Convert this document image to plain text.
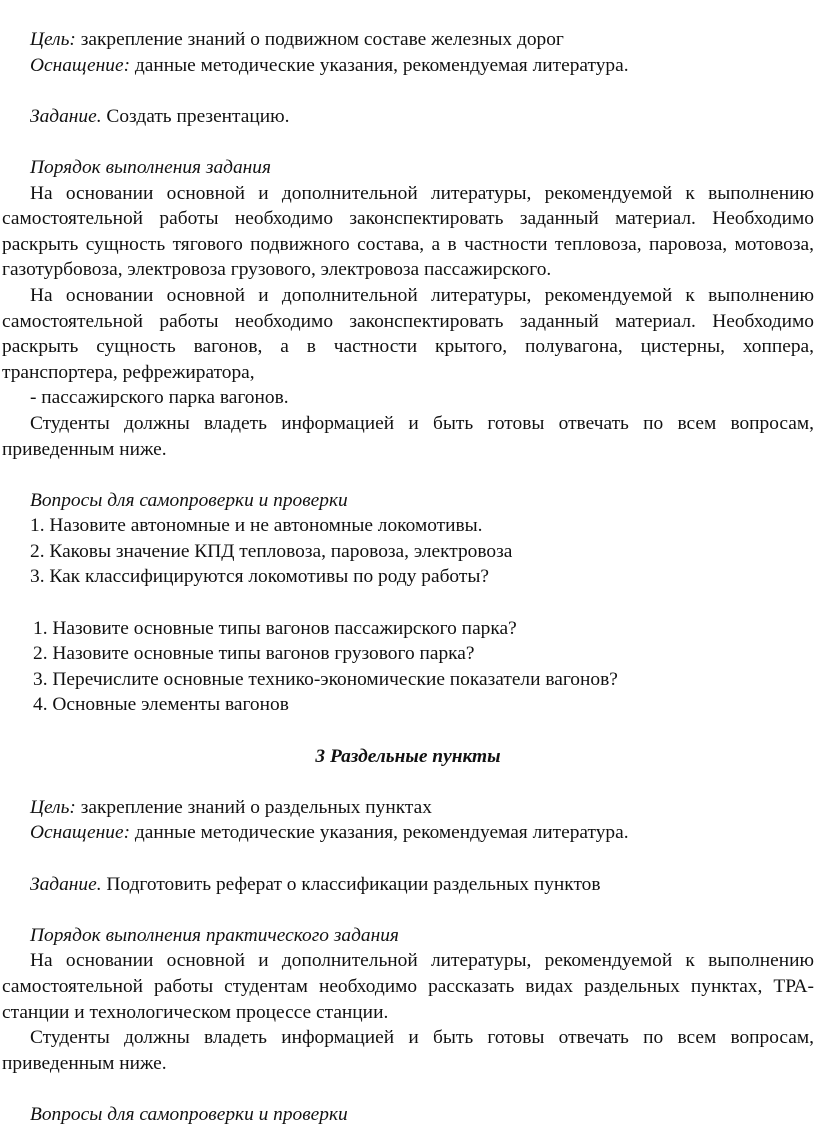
Цель: закрепление знаний о подвижном составе железных дорог

Оснащение: данные методические указания, рекомендуемая литература.

Задание. Создать презентацию.

Порядок выполнения задания

На основании основной и дополнительной литературы, рекомендуемой к выполнению самостоятельной работы необходимо законспектировать заданный материал. Необходимо раскрыть сущность тягового подвижного состава, а в частности тепловоза, паровоза, мотовоза, газотурбовоза, электровоза грузового, электровоза пассажирского.

На основании основной и дополнительной литературы, рекомендуемой к выполнению самостоятельной работы необходимо законспектировать заданный материал. Необходимо раскрыть сущность вагонов, а в частности крытого, полувагона, цистерны, хоппера, транспортера, рефрежиратора,

- пассажирского парка вагонов.

Студенты должны владеть информацией и быть готовы отвечать по всем вопросам, приведенным ниже.

Вопросы для самопроверки и проверки

1. Назовите автономные и не автономные локомотивы.

2. Каковы значение КПД тепловоза, паровоза, электровоза

3. Как классифицируются локомотивы по роду работы?

1. Назовите основные типы вагонов пассажирского парка?

2. Назовите основные типы вагонов грузового парка?

3. Перечислите основные технико-экономические показатели вагонов?

4. Основные элементы вагонов

3 Раздельные пункты

Цель: закрепление знаний о раздельных пунктах

Оснащение: данные методические указания, рекомендуемая литература.

Задание. Подготовить реферат о классификации раздельных пунктов

Порядок выполнения практического задания

На основании основной и дополнительной литературы, рекомендуемой к выполнению самостоятельной работы студентам необходимо рассказать видах раздельных пунктах, ТРА-станции и технологическом процессе станции.

Студенты должны владеть информацией и быть готовы отвечать по всем вопросам, приведенным ниже.

Вопросы для самопроверки и проверки
